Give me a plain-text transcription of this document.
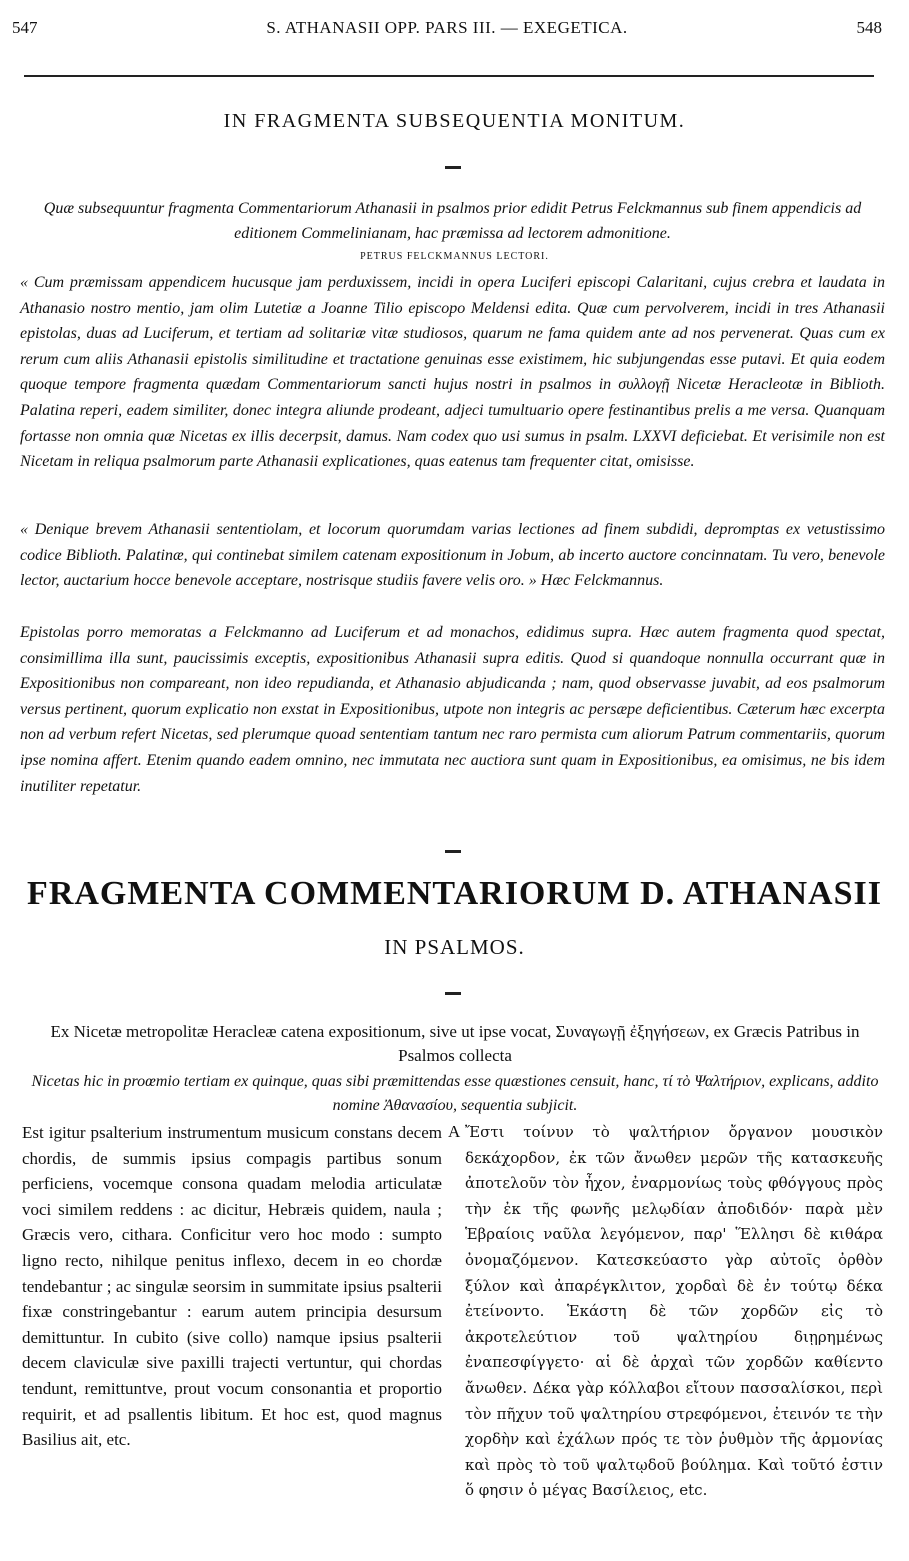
547	S. ATHANASII OPP. PARS III. — EXEGETICA.	548
IN FRAGMENTA SUBSEQUENTIA MONITUM.
Quæ subsequuntur fragmenta Commentariorum Athanasii in psalmos prior edidit Petrus Felckmannus sub finem appendicis ad editionem Commelinianam, hac præmissa ad lectorem admonitione.
PETRUS FELCKMANNUS LECTORI.
« Cum præmissam appendicem hucusque jam perduxissem, incidi in opera Luciferi episcopi Calaritani, cujus crebra et laudata in Athanasio nostro mentio, jam olim Lutetiæ a Joanne Tilio episcopo Meldensi edita. Quæ cum pervolverem, incidi in tres Athanasii epistolas, duas ad Luciferum, et tertiam ad solitariæ vitæ studiosos, quarum ne fama quidem ante ad nos pervenerat. Quas cum ex rerum cum aliis Athanasii epistolis similitudine et tractatione genuinas esse existimem, hic subjungendas esse putavi. Et quia eodem quoque tempore fragmenta quædam Commentariorum sancti hujus nostri in psalmos in συλλογῇ Nicetæ Heracleotæ in Biblioth. Palatina reperi, eadem similiter, donec integra aliunde prodeant, adjeci tumultuario opere festinantibus prelis a me versa. Quanquam fortasse non omnia quæ Nicetas ex illis decerpsit, damus. Nam codex quo usi sumus in psalm. LXXVI deficiebat. Et verisimile non est Nicetam in reliqua psalmorum parte Athanasii explicationes, quas eatenus tam frequenter citat, omisisse.
« Denique brevem Athanasii sententiolam, et locorum quorumdam varias lectiones ad finem subdidi, depromptas ex vetustissimo codice Biblioth. Palatinæ, qui continebat similem catenam expositionum in Jobum, ab incerto auctore concinnatam. Tu vero, benevole lector, auctarium hocce benevole acceptare, nostrisque studiis favere velis oro. » Hæc Felckmannus.
Epistolas porro memoratas a Felckmanno ad Luciferum et ad monachos, edidimus supra. Hæc autem fragmenta quod spectat, consimillima illa sunt, paucissimis exceptis, expositionibus Athanasii supra editis. Quod si quandoque nonnulla occurrant quæ in Expositionibus non compareant, non ideo repudianda, et Athanasio abjudicanda ; nam, quod observasse juvabit, ad eos psalmorum versus pertinent, quorum explicatio non exstat in Expositionibus, utpote non integris ac persæpe deficientibus. Cæterum hæc excerpta non ad verbum refert Nicetas, sed plerumque quoad sententiam tantum nec raro permista cum aliorum Patrum commentariis, quorum ipse nomina affert. Etenim quando eadem omnino, nec immutata nec auctiora sunt quam in Expositionibus, ea omisimus, ne bis idem inutiliter repetatur.
FRAGMENTA COMMENTARIORUM D. ATHANASII
IN PSALMOS.
Ex Nicetæ metropolitæ Heracleæ catena expositionum, sive ut ipse vocat, Συναγωγῇ ἐξηγήσεων, ex Græcis Patribus in Psalmos collecta
Nicetas hic in proœmio tertiam ex quinque, quas sibi præmittendas esse quæstiones censuit, hanc, τί τὸ Ψαλτήριον, explicans, addito nomine Ἀθανασίου, sequentia subjicit.
Est igitur psalterium instrumentum musicum constans decem chordis, de summis ipsius compagis partibus sonum perficiens, vocemque consona quadam melodia articulatæ voci similem reddens : ac dicitur, Hebræis quidem, naula ; Græcis vero, cithara. Conficitur vero hoc modo : sumpto ligno recto, nihilque penitus inflexo, decem in eo chordæ tendebantur ; ac singulæ seorsim in summitate ipsius psalterii fixæ constringebantur : earum autem principia desursum demittuntur. In cubito (sive collo) namque ipsius psalterii decem claviculæ sive paxilli trajecti vertuntur, qui chordas tendunt, remittuntve, prout vocum consonantia et proportio requirit, et ad psallentis libitum. Et hoc est, quod magnus Basilius ait, etc.
A Ἔστι τοίνυν τὸ ψαλτήριον ὄργανον μουσικὸν δεκάχορδον, ἐκ τῶν ἄνωθεν μερῶν τῆς κατασκευῆς ἀποτελοῦν τὸν ἦχον, ἐναρμονίως τοὺς φθόγγους πρὸς τὴν ἐκ τῆς φωνῆς μελῳδίαν ἀποδιδόν· παρὰ μὲν Ἑβραίοις ναῦλα λεγόμενον, παρ' Ἕλλησι δὲ κιθάρα ὀνομαζόμενον. Κατεσκεύαστο γὰρ αὐτοῖς ὀρθὸν ξύλον καὶ ἀπαρέγκλιτον, χορδαὶ δὲ ἐν τούτῳ δέκα ἐτείνοντο. Ἑκάστη δὲ τῶν χορδῶν εἰς τὸ ἀκροτελεύτιον τοῦ ψαλτηρίου διῃρημένως ἐναπεσφίγγετο· αἱ δὲ ἀρχαὶ τῶν χορδῶν καθίεντο ἄνωθεν. Δέκα γὰρ κόλλαβοι εἴτουν πασσαλίσκοι, περὶ τὸν πῆχυν τοῦ ψαλτηρίου στρεφόμενοι, ἐτεινόν τε τὴν χορδὴν καὶ ἐχάλων πρός τε τὸν ῥυθμὸν τῆς ἁρμονίας καὶ πρὸς τὸ τοῦ ψαλτῳδοῦ βούλημα. Καὶ τοῦτό ἐστιν ὅ φησιν ὁ μέγας Βασίλειος, etc.
